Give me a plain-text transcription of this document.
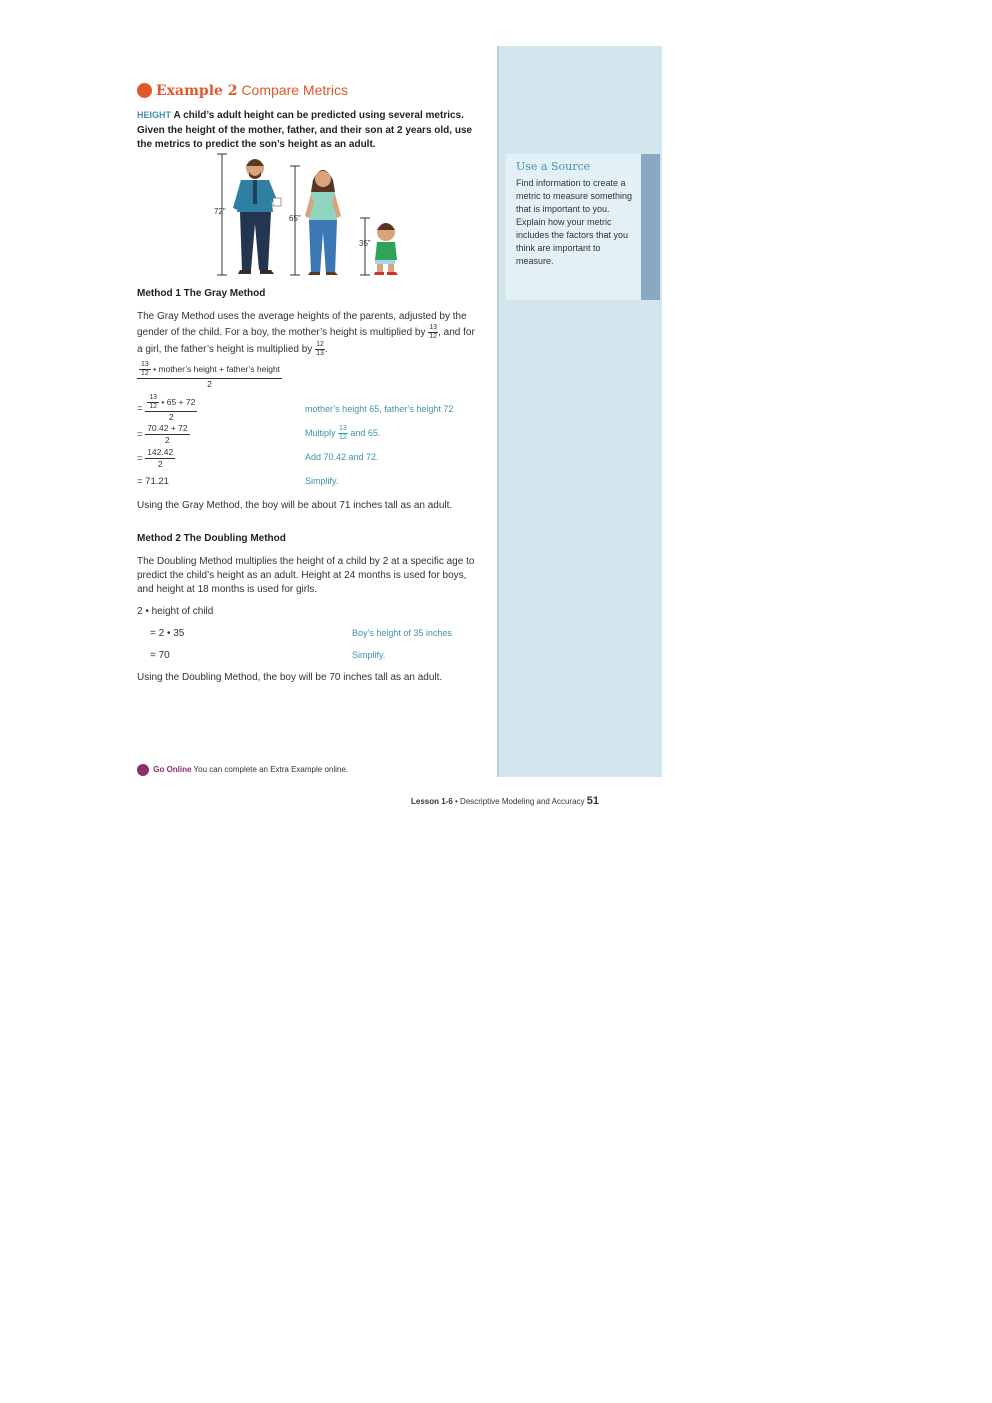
Use a Source
Find information to create a metric to measure something that is important to you. Explain how your metric includes the factors that you think are important to measure.
Example 2 Compare Metrics
HEIGHT A child’s adult height can be predicted using several metrics. Given the height of the mother, father, and their son at 2 years old, use the metrics to predict the son’s height as an adult.
72"
65"
35"
Method 1 The Gray Method
The Gray Method uses the average heights of the parents, adjusted by the gender of the child. For a boy, the mother’s height is multiplied by $\frac{13}{12}$ , and for a girl, the father’s height is multiplied by $\frac{12}{13}$ .
$\frac{\frac{13}{12} • mother’s height + father’s height}{2}$
= $\frac{\frac{13}{12} • 65 + 72}{2}$	mother’s height 65, father’s height 72
= $\frac{70.42 + 72}{2}$	Multiply $\frac{13}{12}$ and 65.
= $\frac{142.42}{2}$	Add 70.42 and 72.
= 71.21	Simplify.
Using the Gray Method, the boy will be about 71 inches tall as an adult.
Method 2 The Doubling Method
The Doubling Method multiplies the height of a child by 2 at a specific age to predict the child’s height as an adult. Height at 24 months is used for boys, and height at 18 months is used for girls.
2 • height of child
= 2 • 35	Boy’s height of 35 inches
= 70	Simplify.
Using the Doubling Method, the boy will be 70 inches tall as an adult.
Go Online You can complete an Extra Example online.
Lesson 1-6 • Descriptive Modeling and Accuracy 51
